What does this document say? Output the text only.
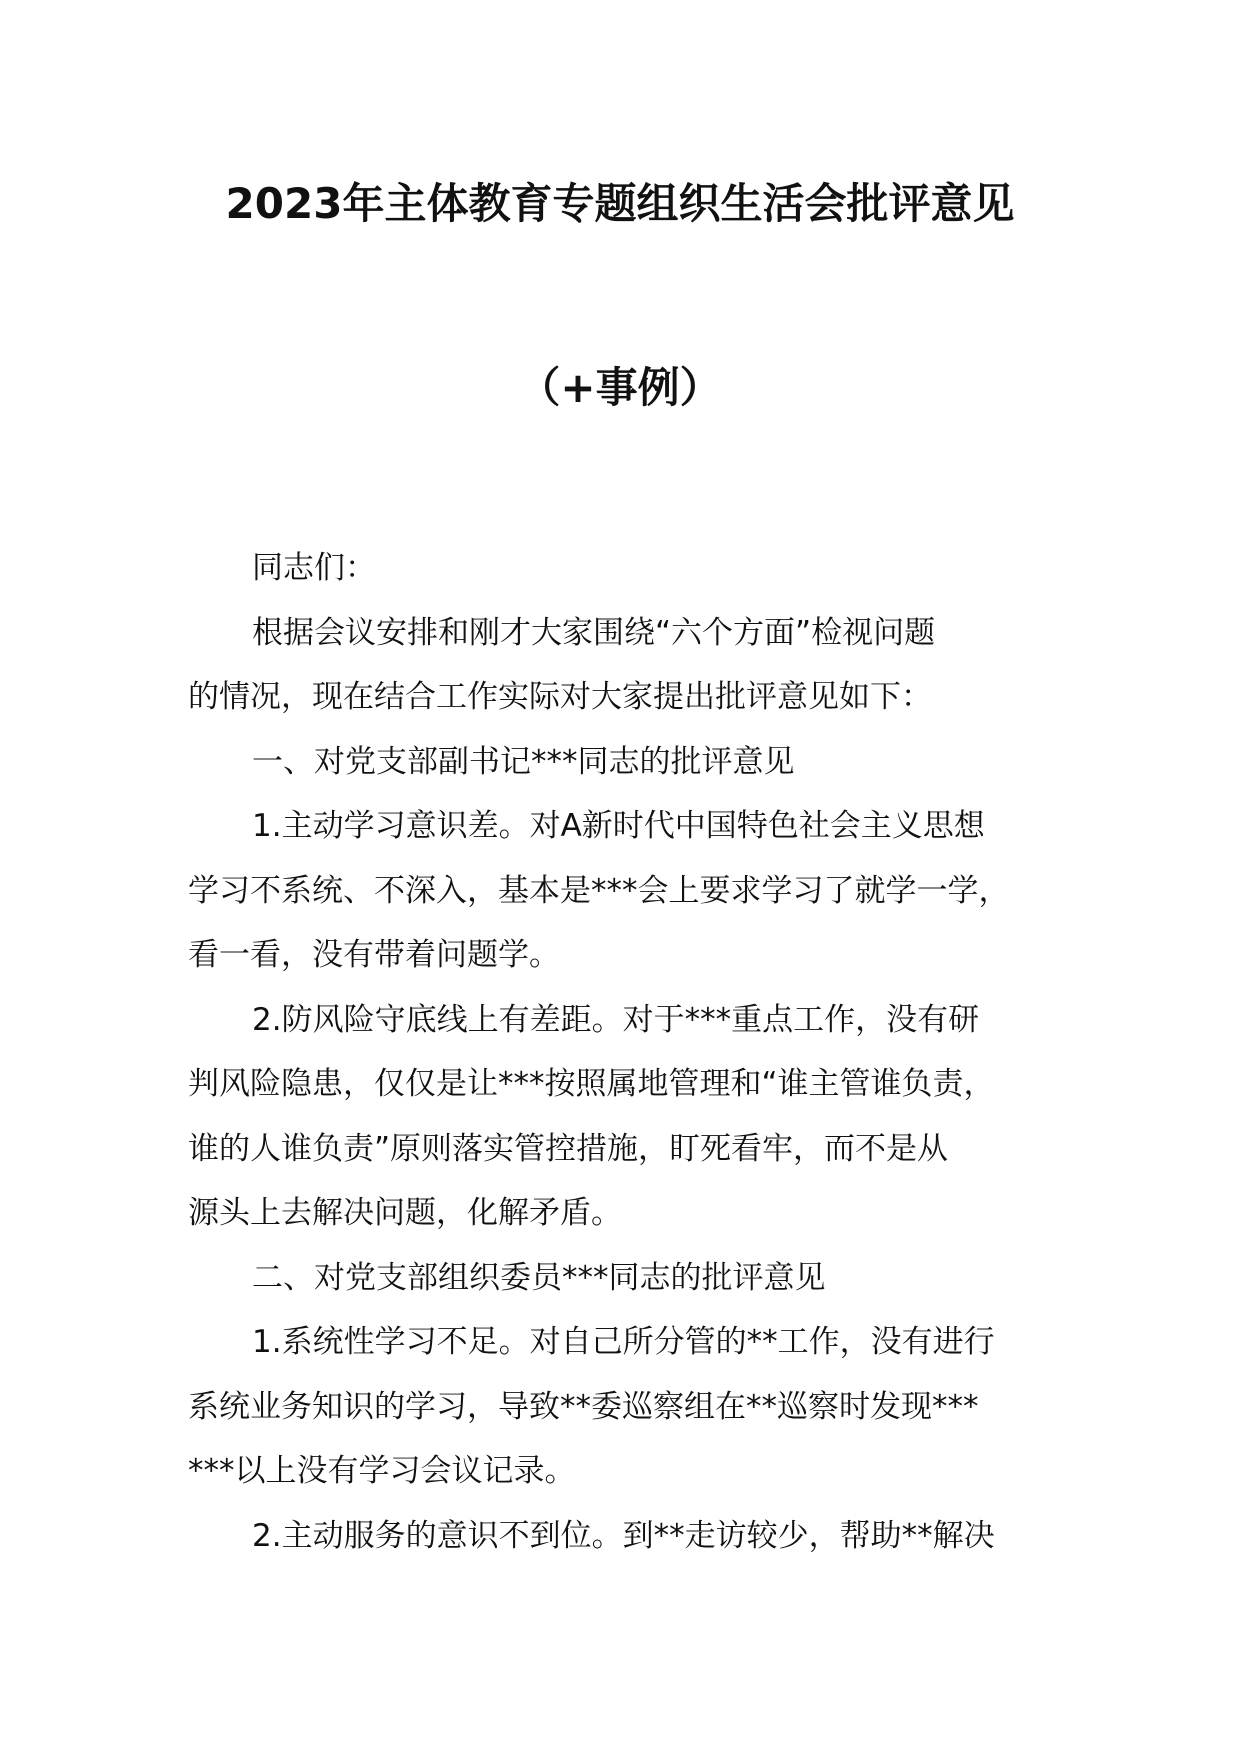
2023年主体教育专题组织生活会批评意见
（+事例）

同志们：

根据会议安排和刚才大家围绕“六个方面”检视问题

的情况，现在结合工作实际对大家提出批评意见如下：

一、对党支部副书记***同志的批评意见

1.主动学习意识差。对A新时代中国特色社会主义思想

学习不系统、不深入，基本是***会上要求学习了就学一学，

看一看，没有带着问题学。

2.防风险守底线上有差距。对于***重点工作，没有研

判风险隐患，仅仅是让***按照属地管理和“谁主管谁负责，

谁的人谁负责”原则落实管控措施，盯死看牢，而不是从

源头上去解决问题，化解矛盾。

二、对党支部组织委员***同志的批评意见

1.系统性学习不足。对自己所分管的**工作，没有进行

系统业务知识的学习，导致**委巡察组在**巡察时发现***

***以上没有学习会议记录。

2.主动服务的意识不到位。到**走访较少，帮助**解决
